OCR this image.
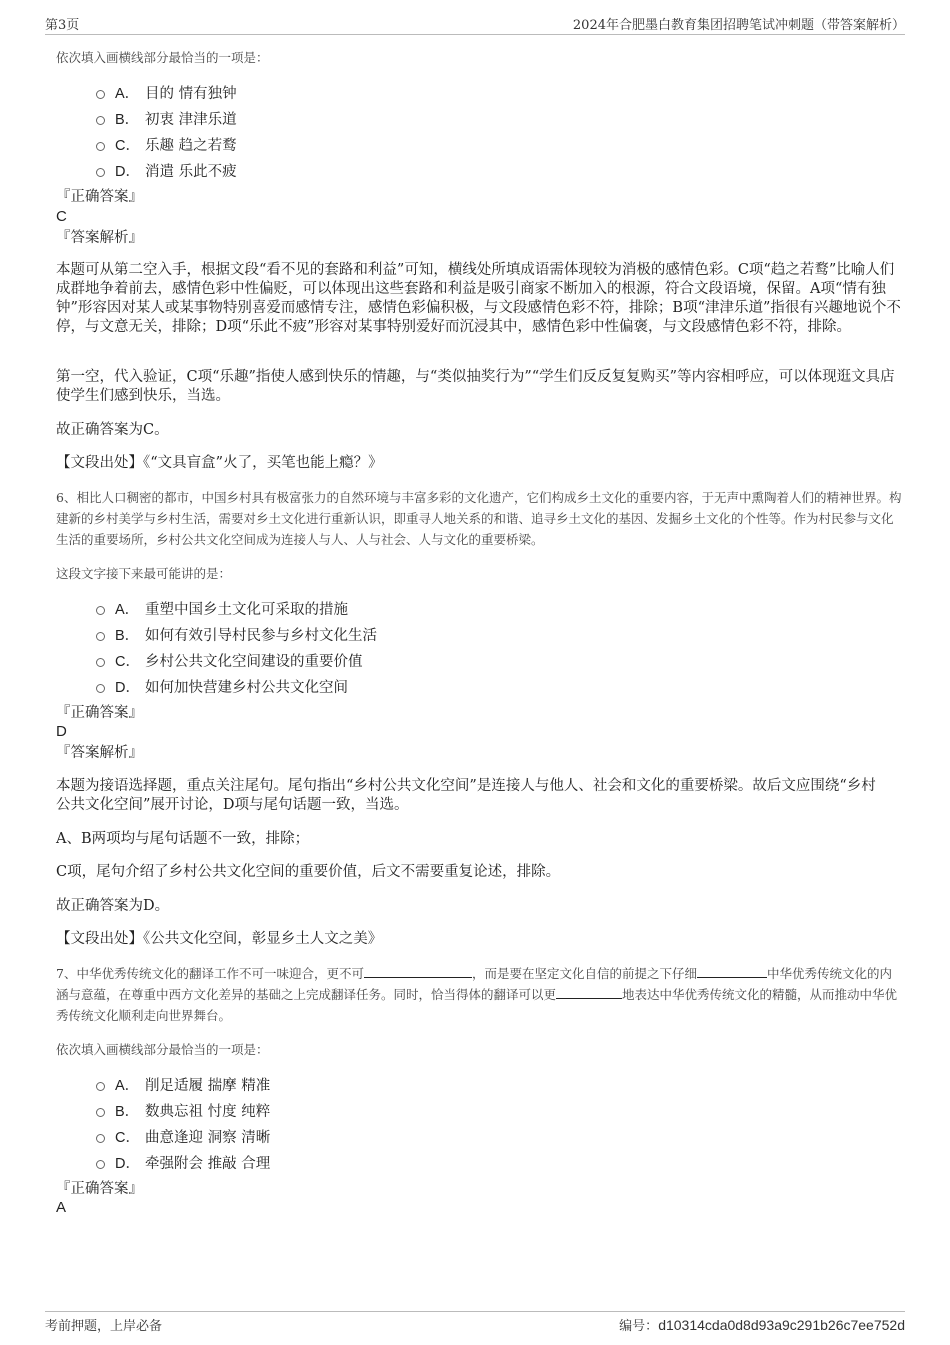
第3页	2024年合肥墨白教育集团招聘笔试冲刺题（带答案解析）
依次填入画横线部分最恰当的一项是：
A． 目的 情有独钟
B． 初衷 津津乐道
C． 乐趣 趋之若鹜
D． 消遣 乐此不疲
『正确答案』
C
『答案解析』
本题可从第二空入手，根据文段“看不见的套路和利益”可知，横线处所填成语需体现较为消极的感情色彩。C项“趋之若鹜”比喻人们成群地争着前去，感情色彩中性偏贬，可以体现出这些套路和利益是吸引商家不断加入的根源，符合文段语境，保留。A项“情有独钟”形容因对某人或某事物特别喜爱而感情专注，感情色彩偏积极，与文段感情色彩不符，排除；B项“津津乐道”指很有兴趣地说个不停，与文意无关，排除；D项“乐此不疲”形容对某事特别爱好而沉浸其中，感情色彩中性偏褒，与文段感情色彩不符，排除。
第一空，代入验证，C项“乐趣”指使人感到快乐的情趣，与“类似抽奖行为”“学生们反反复复购买”等内容相呼应，可以体现逛文具店使学生们感到快乐，当选。
故正确答案为C。
【文段出处】《“文具盲盒”火了，买笔也能上瘾？》
6、相比人口稠密的都市，中国乡村具有极富张力的自然环境与丰富多彩的文化遗产，它们构成乡土文化的重要内容，于无声中熏陶着人们的精神世界。构建新的乡村美学与乡村生活，需要对乡土文化进行重新认识，即重寻人地关系的和谐、追寻乡土文化的基因、发掘乡土文化的个性等。作为村民参与文化生活的重要场所，乡村公共文化空间成为连接人与人、人与社会、人与文化的重要桥梁。
这段文字接下来最可能讲的是：
A． 重塑中国乡土文化可采取的措施
B． 如何有效引导村民参与乡村文化生活
C． 乡村公共文化空间建设的重要价值
D． 如何加快营建乡村公共文化空间
『正确答案』
D
『答案解析』
本题为接语选择题，重点关注尾句。尾句指出“乡村公共文化空间”是连接人与他人、社会和文化的重要桥梁。故后文应围绕“乡村公共文化空间”展开讨论，D项与尾句话题一致，当选。
A、B两项均与尾句话题不一致，排除；
C项，尾句介绍了乡村公共文化空间的重要价值，后文不需要重复论述，排除。
故正确答案为D。
【文段出处】《公共文化空间，彰显乡土人文之美》
7、中华优秀传统文化的翻译工作不可一味迎合，更不可	，而是要在坚定文化自信的前提之下仔细	中华优秀传统文化的内涵与意蕴，在尊重中西方文化差异的基础之上完成翻译任务。同时，恰当得体的翻译可以更	地表达中华优秀传统文化的精髓，从而推动中华优秀传统文化顺利走向世界舞台。
依次填入画横线部分最恰当的一项是：
A． 削足适履 揣摩 精准
B． 数典忘祖 忖度 纯粹
C． 曲意逢迎 洞察 清晰
D． 牵强附会 推敲 合理
『正确答案』
A
考前押题，上岸必备	编号：d10314cda0d8d93a9c291b26c7ee752d
